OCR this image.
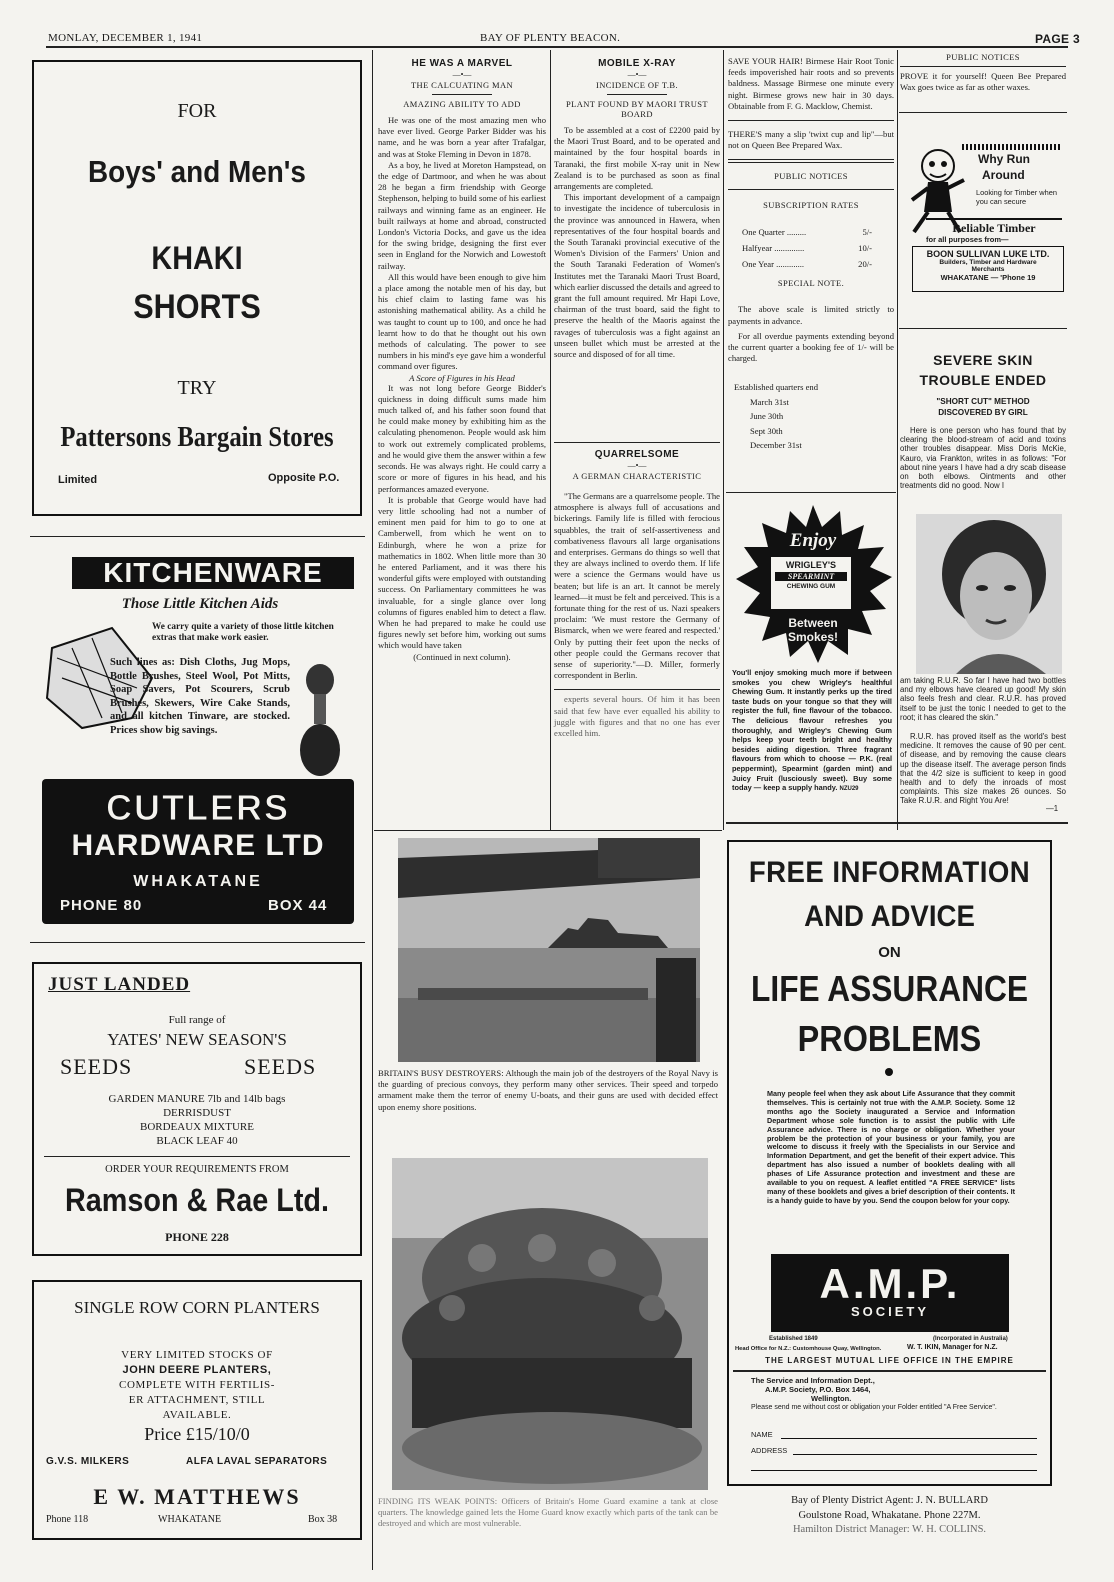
MONLAY, DECEMBER 1, 1941	BAY OF PLENTY BEACON.	PAGE 3
FOR
Boys' and Men's
KHAKI
SHORTS
TRY
Pattersons Bargain Stores
Limited	Opposite P.O.
KITCHENWARE
Those Little Kitchen Aids
We carry quite a variety of those little kitchen extras that make work easier.
Such lines as: Dish Cloths, Jug Mops, Bottle Brushes, Steel Wool, Pot Mitts, Soap Savers, Pot Scourers, Scrub Brushes, Skewers, Wire Cake Stands, and all kitchen Tinware, are stocked. Prices show big savings.
CUTLERS
HARDWARE LTD
WHAKATANE
PHONE 80	BOX 44
JUST LANDED
Full range of
YATES' NEW SEASON'S
SEEDS	SEEDS
GARDEN MANURE 7lb and 14lb bags
DERRISDUST
BORDEAUX MIXTURE
BLACK LEAF 40
ORDER YOUR REQUIREMENTS FROM
Ramson & Rae Ltd.
PHONE 228
SINGLE ROW CORN PLANTERS
VERY LIMITED STOCKS OF
JOHN DEERE PLANTERS,
COMPLETE WITH FERTILIS-
ER ATTACHMENT, STILL
AVAILABLE.
Price £15/10/0
G.V.S. MILKERS	ALFA LAVAL SEPARATORS
E W. MATTHEWS
Phone 118	WHAKATANE	Box 38
HE WAS A MARVEL
—•—
THE CALCUATING MAN
AMAZING ABILITY TO ADD

He was one of the most amazing men who have ever lived. George Parker Bidder was his name, and he was born a year after Trafalgar, and was at Stoke Fleming in Devon in 1878.

As a boy, he lived at Moreton Hampstead, on the edge of Dartmoor, and when he was about 28 he began a firm friendship with George Stephenson, helping to build some of his earliest railways and winning fame as an engineer. He built railways at home and abroad, constructed London's Victoria Docks, and gave us the idea for the swing bridge, designing the first ever seen in England for the Norwich and Lowestoft railway.

All this would have been enough to give him a place among the notable men of his day, but his chief claim to lasting fame was his astonishing mathematical ability. As a child he was taught to count up to 100, and once he had learnt how to do that he thought out his own methods of calculating. The power to see numbers in his mind's eye gave him a wonderful command over figures.

A Score of Figures in his Head

It was not long before George Bidder's quickness in doing difficult sums made him much talked of, and his father soon found that he could make money by exhibiting him as the calculating phenomenon. People would ask him to work out extremely complicated problems, and he would give them the answer within a few seconds. He was always right. He could carry a score or more of figures in his head, and his performances amazed everyone.

It is probable that George would have had very little schooling had not a number of eminent men paid for him to go to one at Camberwell, from which he went on to Edinburgh, where he won a prize for mathematics in 1802. When little more than 30 he entered Parliament, and it was there his wonderful gifts were employed with outstanding success. On Parliamentary committees he was invaluable, for a single glance over long columns of figures enabled him to detect a flaw. When he had prepared to make he could use figures newly set before him, working out sums which would have taken

(Continued in next column).
MOBILE X-RAY
—•—
INCIDENCE OF T.B.
PLANT FOUND BY MAORI TRUST BOARD

To be assembled at a cost of £2200 paid by the Maori Trust Board, and to be operated and maintained by the four hospital boards in Taranaki, the first mobile X-ray unit in New Zealand is to be purchased as soon as final arrangements are completed.

This important development of a campaign to investigate the incidence of tuberculosis in the province was announced in Hawera, when representatives of the four hospital boards and the South Taranaki provincial executive of the Women's Division of the Farmers' Union and the South Taranaki Federation of Women's Institutes met the Taranaki Maori Trust Board, which earlier discussed the details and agreed to grant the full amount required. Mr Hapi Love, chairman of the trust board, said the fight to preserve the health of the Maoris against the ravages of tuberculosis was a fight against an unseen bullet which must be arrested at the source and disposed of for all time.

QUARRELSOME
—•—
A GERMAN CHARACTERISTIC

"The Germans are a quarrelsome people. The atmosphere is always full of accusations and bickerings. Family life is filled with ferocious squabbles, the trait of self-assertiveness and combativeness flavours all large organisations and enterprises. Germans do things so well that they are always inclined to overdo them. If life were a science the Germans would have us beaten; but life is an art. It cannot be merely learned—it must be felt and perceived. This is a fortunate thing for the rest of us. Nazi speakers proclaim: 'We must restore the Germany of Bismarck, when we were feared and respected.' Only by putting their feet upon the necks of other people could the Germans recover that sense of superiority."—D. Miller, formerly correspondent in Berlin.

experts several hours. Of him it has been said that few have ever equalled his ability to juggle with figures and that no one has ever excelled him.

BRITAIN'S BUSY DESTROYERS: Although the main job of the destroyers of the Royal Navy is the guarding of precious convoys, they perform many other services. Their speed and torpedo armament make them the terror of enemy U-boats, and their guns are used with decided effect upon enemy shore positions.
FINDING ITS WEAK POINTS: Officers of Britain's Home Guard examine a tank at close quarters. The knowledge gained lets the Home Guard know exactly which parts of the tank can be destroyed and which are most vulnerable.
SAVE YOUR HAIR! Birmese Hair Root Tonic feeds impoverished hair roots and so prevents baldness. Massage Birmese one minute every night. Birmese grows new hair in 30 days. Obtainable from F. G. Macklow, Chemist.
THERE'S many a slip 'twixt cup and lip"—but not on Queen Bee Prepared Wax.
PUBLIC NOTICES
SUBSCRIPTION RATES
One Quarter .........	5/-
Halfyear ..............	10/-
One Year .............	20/-
SPECIAL NOTE.

The above scale is limited strictly to payments in advance.

For all overdue payments extending beyond the current quarter a booking fee of 1/- will be charged.

Established quarters end
March 31st
June 30th
Sept 30th
December 31st
Enjoy
WRIGLEY'S
SPEARMINT
CHEWING GUM
Between
Smokes!
You'll enjoy smoking much more if between smokes you chew Wrigley's healthful Chewing Gum. It instantly perks up the tired taste buds on your tongue so that they will register the full, fine flavour of the tobacco. The delicious flavour refreshes you thoroughly, and Wrigley's Chewing Gum helps keep your teeth bright and healthy besides aiding digestion. Three fragrant flavours from which to choose — P.K. (real peppermint), Spearmint (garden mint) and Juicy Fruit (lusciously sweet). Buy some today — keep a supply handy. NZU29
PUBLIC NOTICES
PROVE it for yourself! Queen Bee Prepared Wax goes twice as far as other waxes.
Why Run
Around
Looking for Timber when you can secure
Reliable Timber
for all purposes from—
BOON SULLIVAN LUKE LTD.
Builders, Timber and Hardware
Merchants
WHAKATANE — 'Phone 19
SEVERE SKIN
TROUBLE ENDED
"SHORT CUT" METHOD DISCOVERED BY GIRL
Here is one person who has found that by clearing the blood-stream of acid and toxins other troubles disappear. Miss Doris McKie, Kauro, via Frankton, writes in as follows: "For about nine years I have had a dry scab disease on both elbows. Ointments and other treatments did no good. Now I
am taking R.U.R. So far I have had two bottles and my elbows have cleared up good! My skin also feels fresh and clear. R.U.R. has proved itself to be just the tonic I needed to get to the root; it has cleared the skin."
R.U.R. has proved itself as the world's best medicine. It removes the cause of 90 per cent. of disease, and by removing the cause clears up the disease itself. The average person finds that the 4/2 size is sufficient to keep in good health and to defy the inroads of most complaints. This size makes 26 ounces. So Take R.U.R. and Right You Are!
—1
FREE INFORMATION
AND ADVICE
ON
LIFE ASSURANCE
PROBLEMS
Many people feel when they ask about Life Assurance that they commit themselves. This is certainly not true with the A.M.P. Society. Some 12 months ago the Society inaugurated a Service and Information Department whose sole function is to assist the public with Life Assurance advice. There is no charge or obligation. Whether your problem be the protection of your business or your family, you are welcome to discuss it freely with the Specialists in our Service and Information Department, and get the benefit of their expert advice. This department has also issued a number of booklets dealing with all phases of Life Assurance protection and investment and these are available to you on request. A leaflet entitled "A FREE SERVICE" lists many of these booklets and gives a brief description of their contents. It is a handy guide to have by you. Send the coupon below for your copy.
A.M.P.
SOCIETY
Established 1849	(Incorporated in Australia)
Head Office for N.Z.: Customhouse Quay, Wellington.	W. T. IKIN, Manager for N.Z.
THE LARGEST MUTUAL LIFE OFFICE IN THE EMPIRE
The Service and Information Dept.,
A.M.P. Society, P.O. Box 1464,
Wellington.
Please send me without cost or obligation your Folder entitled "A Free Service".
NAME
ADDRESS
Bay of Plenty District Agent: J. N. BULLARD
Goulstone Road, Whakatane. Phone 227M.
Hamilton District Manager: W. H. COLLINS.
